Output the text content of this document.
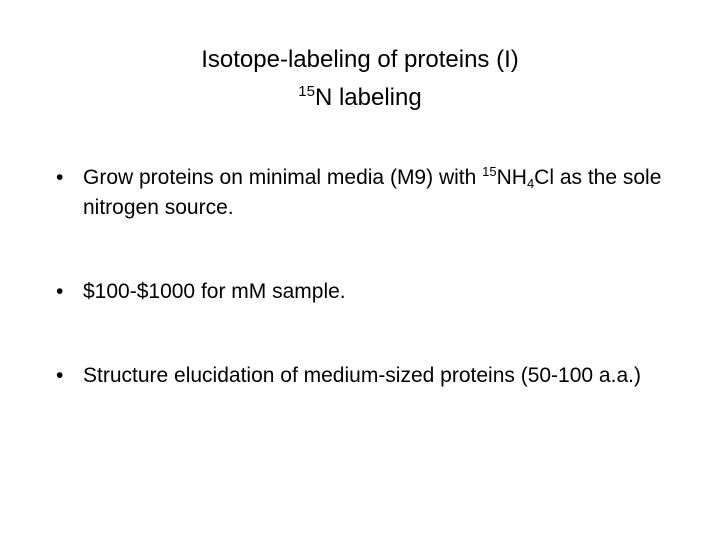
Isotope-labeling of proteins (I)
$^{15}$N labeling
• Grow proteins on minimal media (M9) with $^{15}NH_4Cl$ as the sole nitrogen source.
• $100-$1000 for mM sample.
• Structure elucidation of medium-sized proteins (50-100 a.a.)
